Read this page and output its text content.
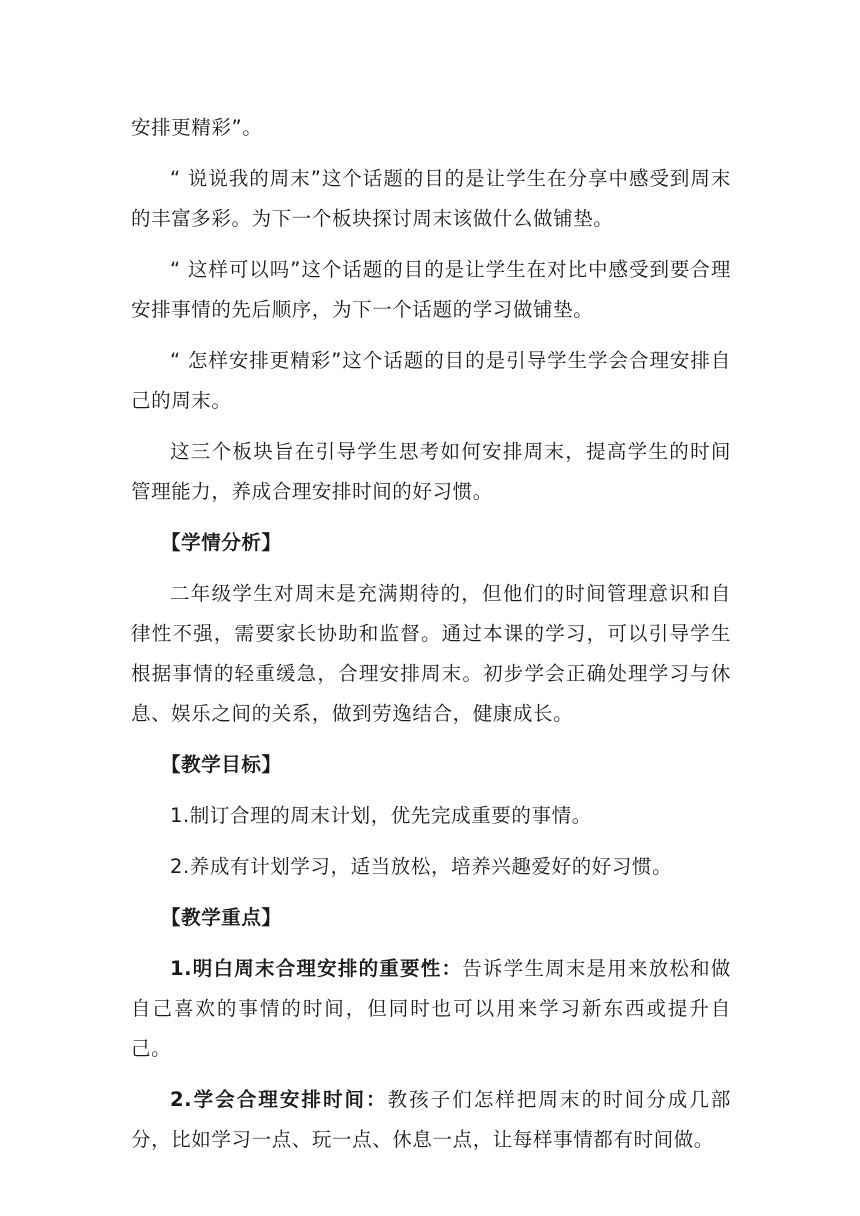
安排更精彩”。

“ 说说我的周末”这个话题的目的是让学生在分享中感受到周末的丰富多彩。为下一个板块探讨周末该做什么做铺垫。

“ 这样可以吗”这个话题的目的是让学生在对比中感受到要合理安排事情的先后顺序，为下一个话题的学习做铺垫。

“ 怎样安排更精彩”这个话题的目的是引导学生学会合理安排自己的周末。

这三个板块旨在引导学生思考如何安排周末，提高学生的时间管理能力，养成合理安排时间的好习惯。

【学情分析】

二年级学生对周末是充满期待的，但他们的时间管理意识和自律性不强，需要家长协助和监督。通过本课的学习，可以引导学生根据事情的轻重缓急，合理安排周末。初步学会正确处理学习与休息、娱乐之间的关系，做到劳逸结合，健康成长。

【教学目标】

1.制订合理的周末计划，优先完成重要的事情。

2.养成有计划学习，适当放松，培养兴趣爱好的好习惯。

【教学重点】

1.明白周末合理安排的重要性：告诉学生周末是用来放松和做自己喜欢的事情的时间，但同时也可以用来学习新东西或提升自己。

2.学会合理安排时间：教孩子们怎样把周末的时间分成几部分，比如学习一点、玩一点、休息一点，让每样事情都有时间做。
